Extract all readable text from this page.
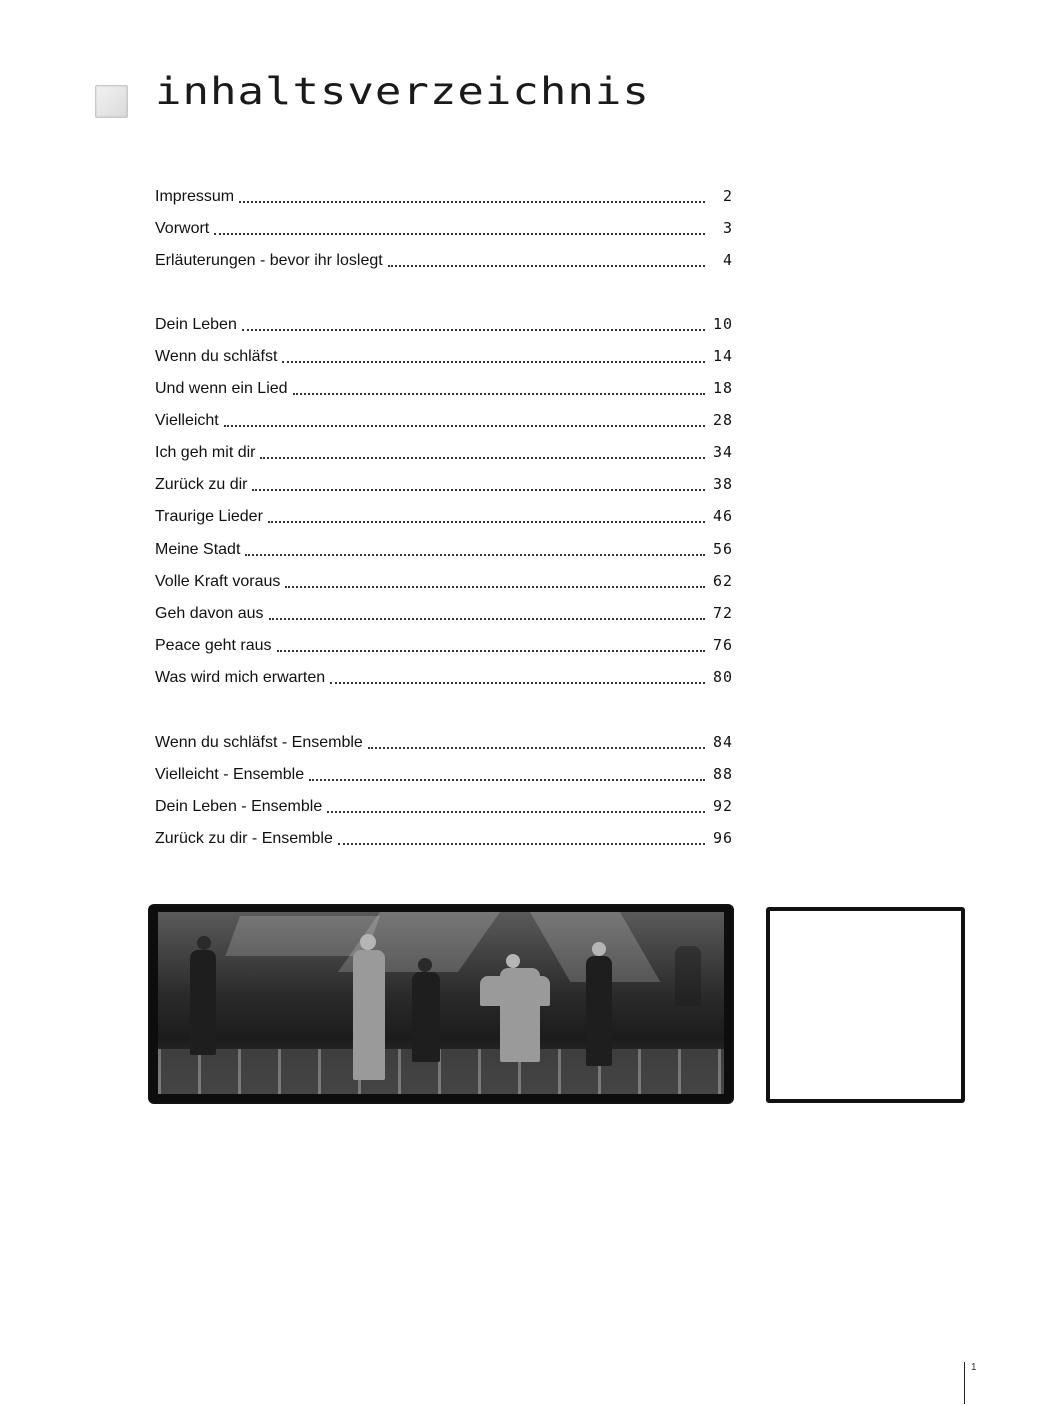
inhaltsverzeichnis
Impressum	2
Vorwort	3
Erläuterungen - bevor ihr loslegt	4
Dein Leben	10
Wenn du schläfst	14
Und wenn ein Lied	18
Vielleicht	28
Ich geh mit dir	34
Zurück zu dir	38
Traurige Lieder	46
Meine Stadt	56
Volle Kraft voraus	62
Geh davon aus	72
Peace geht raus	76
Was wird mich erwarten	80
Wenn du schläfst - Ensemble	84
Vielleicht - Ensemble	88
Dein Leben - Ensemble	92
Zurück zu dir - Ensemble	96
1
